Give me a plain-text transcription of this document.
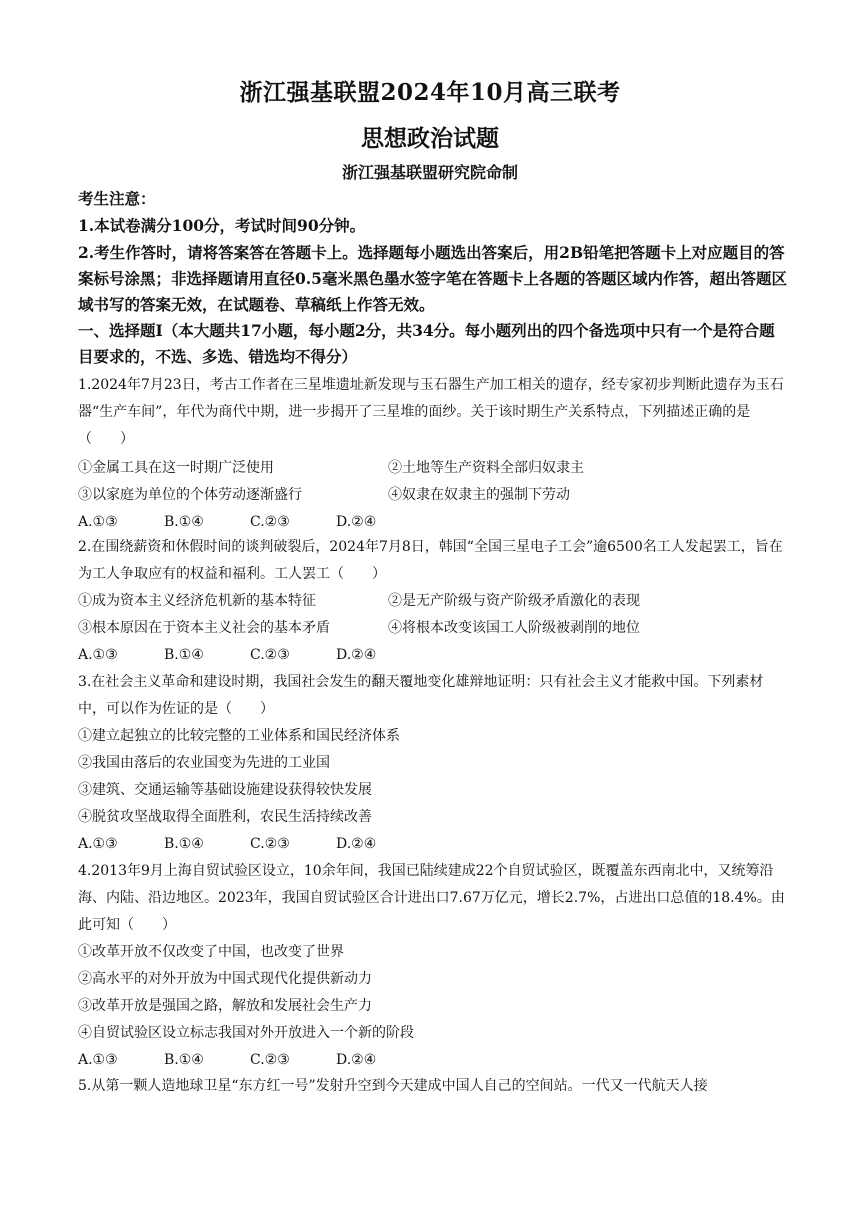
浙江强基联盟2024年10月高三联考
思想政治试题
浙江强基联盟研究院命制
考生注意：
1.本试卷满分100分，考试时间90分钟。
2.考生作答时，请将答案答在答题卡上。选择题每小题选出答案后，用2B铅笔把答题卡上对应题目的答案标号涂黑；非选择题请用直径0.5毫米黑色墨水签字笔在答题卡上各题的答题区域内作答，超出答题区域书写的答案无效，在试题卷、草稿纸上作答无效。
一、选择题Ⅰ（本大题共17小题，每小题2分，共34分。每小题列出的四个备选项中只有一个是符合题目要求的，不选、多选、错选均不得分）
1.2024年7月23日，考古工作者在三星堆遗址新发现与玉石器生产加工相关的遗存，经专家初步判断此遗存为玉石器“生产车间”，年代为商代中期，进一步揭开了三星堆的面纱。关于该时期生产关系特点，下列描述正确的是（　　）
①金属工具在这一时期广泛使用	②土地等生产资料全部归奴隶主
③以家庭为单位的个体劳动逐渐盛行	④奴隶在奴隶主的强制下劳动
A.①③	B.①④	C.②③	D.②④
2.在围绕薪资和休假时间的谈判破裂后，2024年7月8日，韩国“全国三星电子工会”逾6500名工人发起罢工，旨在为工人争取应有的权益和福利。工人罢工（　　）
①成为资本主义经济危机新的基本特征	②是无产阶级与资产阶级矛盾激化的表现
③根本原因在于资本主义社会的基本矛盾	④将根本改变该国工人阶级被剥削的地位
A.①③	B.①④	C.②③	D.②④
3.在社会主义革命和建设时期，我国社会发生的翻天覆地变化雄辩地证明：只有社会主义才能救中国。下列素材中，可以作为佐证的是（　　）
①建立起独立的比较完整的工业体系和国民经济体系
②我国由落后的农业国变为先进的工业国
③建筑、交通运输等基础设施建设获得较快发展
④脱贫攻坚战取得全面胜利，农民生活持续改善
A.①③	B.①④	C.②③	D.②④
4.2013年9月上海自贸试验区设立，10余年间，我国已陆续建成22个自贸试验区，既覆盖东西南北中，又统筹沿海、内陆、沿边地区。2023年，我国自贸试验区合计进出口7.67万亿元，增长2.7%，占进出口总值的18.4%。由此可知（　　）
①改革开放不仅改变了中国，也改变了世界
②高水平的对外开放为中国式现代化提供新动力
③改革开放是强国之路，解放和发展社会生产力
④自贸试验区设立标志我国对外开放进入一个新的阶段
A.①③	B.①④	C.②③	D.②④
5.从第一颗人造地球卫星“东方红一号”发射升空到今天建成中国人自己的空间站。一代又一代航天人接
